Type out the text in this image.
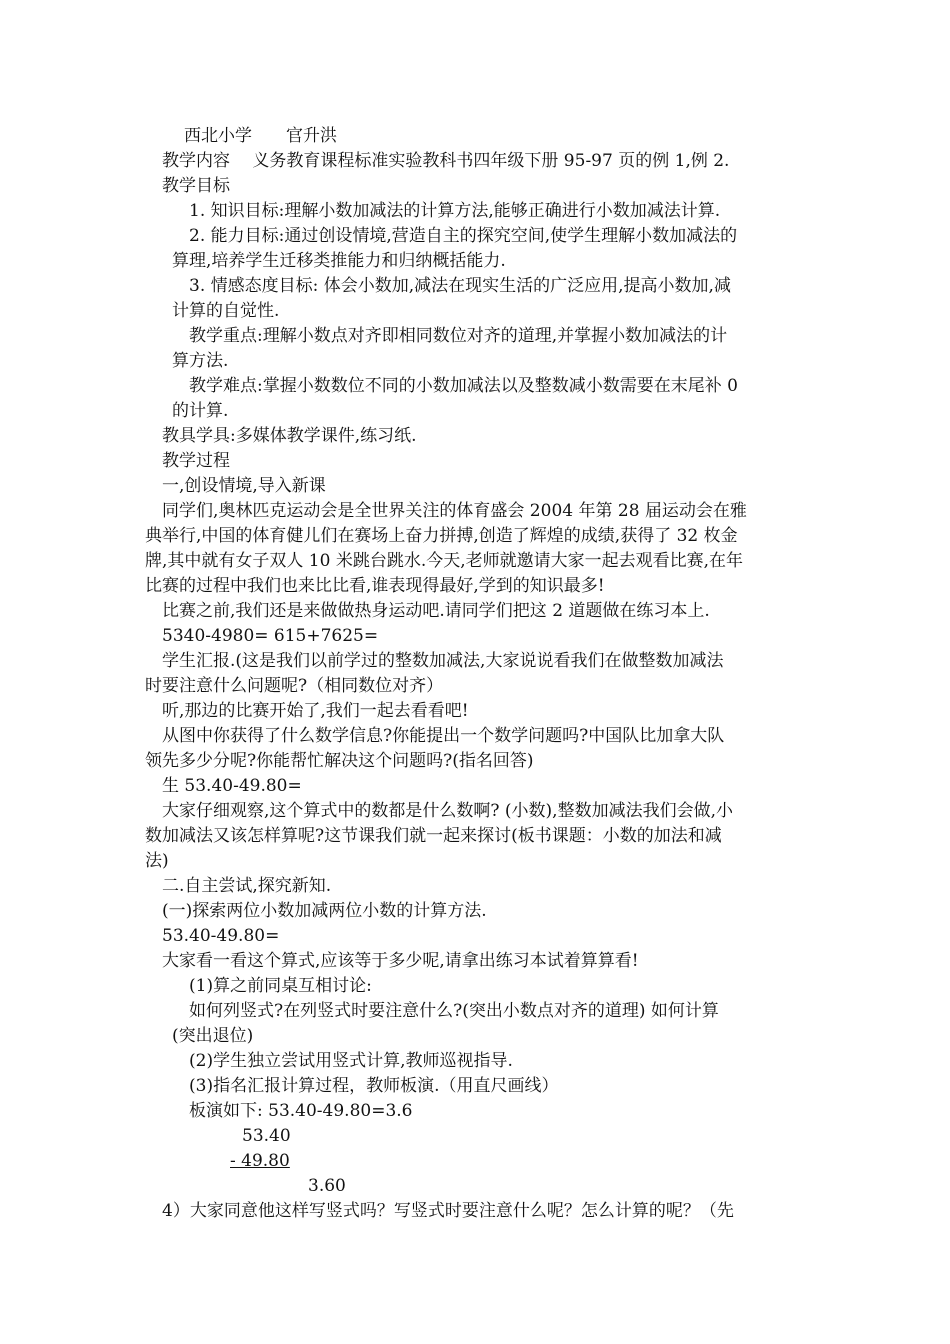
西北小学　　官升洪
教学内容　 义务教育课程标准实验教科书四年级下册 95-97 页的例 1,例 2.
教学目标
1. 知识目标:理解小数加减法的计算方法,能够正确进行小数加减法计算.
2. 能力目标:通过创设情境,营造自主的探究空间,使学生理解小数加减法的
算理,培养学生迁移类推能力和归纳概括能力.
3. 情感态度目标: 体会小数加,减法在现实生活的广泛应用,提高小数加,减
计算的自觉性.
教学重点:理解小数点对齐即相同数位对齐的道理,并掌握小数加减法的计
算方法.
教学难点:掌握小数数位不同的小数加减法以及整数减小数需要在末尾补 0
的计算.
教具学具:多媒体教学课件,练习纸.
教学过程
一,创设情境,导入新课
同学们,奥林匹克运动会是全世界关注的体育盛会 2004 年第 28 届运动会在雅
典举行,中国的体育健儿们在赛场上奋力拼搏,创造了辉煌的成绩,获得了 32 枚金
牌,其中就有女子双人 10 米跳台跳水.今天,老师就邀请大家一起去观看比赛,在年
比赛的过程中我们也来比比看,谁表现得最好,学到的知识最多!
比赛之前,我们还是来做做热身运动吧.请同学们把这 2 道题做在练习本上.
5340-4980= 615+7625=
学生汇报.(这是我们以前学过的整数加减法,大家说说看我们在做整数加减法
时要注意什么问题呢?（相同数位对齐）
听,那边的比赛开始了,我们一起去看看吧!
从图中你获得了什么数学信息?你能提出一个数学问题吗?中国队比加拿大队
领先多少分呢?你能帮忙解决这个问题吗?(指名回答)
生 53.40-49.80=
大家仔细观察,这个算式中的数都是什么数啊? (小数),整数加减法我们会做,小
数加减法又该怎样算呢?这节课我们就一起来探讨(板书课题：小数的加法和减
法)
二.自主尝试,探究新知.
(一)探索两位小数加减两位小数的计算方法.
53.40-49.80=
大家看一看这个算式,应该等于多少呢,请拿出练习本试着算算看!
(1)算之前同桌互相讨论:
如何列竖式?在列竖式时要注意什么?(突出小数点对齐的道理) 如何计算
(突出退位)
(2)学生独立尝试用竖式计算,教师巡视指导.
(3)指名汇报计算过程，教师板演.（用直尺画线）
板演如下: 53.40-49.80=3.6
53.40
- 49.80
3.60
4）大家同意他这样写竖式吗？写竖式时要注意什么呢？怎么计算的呢？（先
